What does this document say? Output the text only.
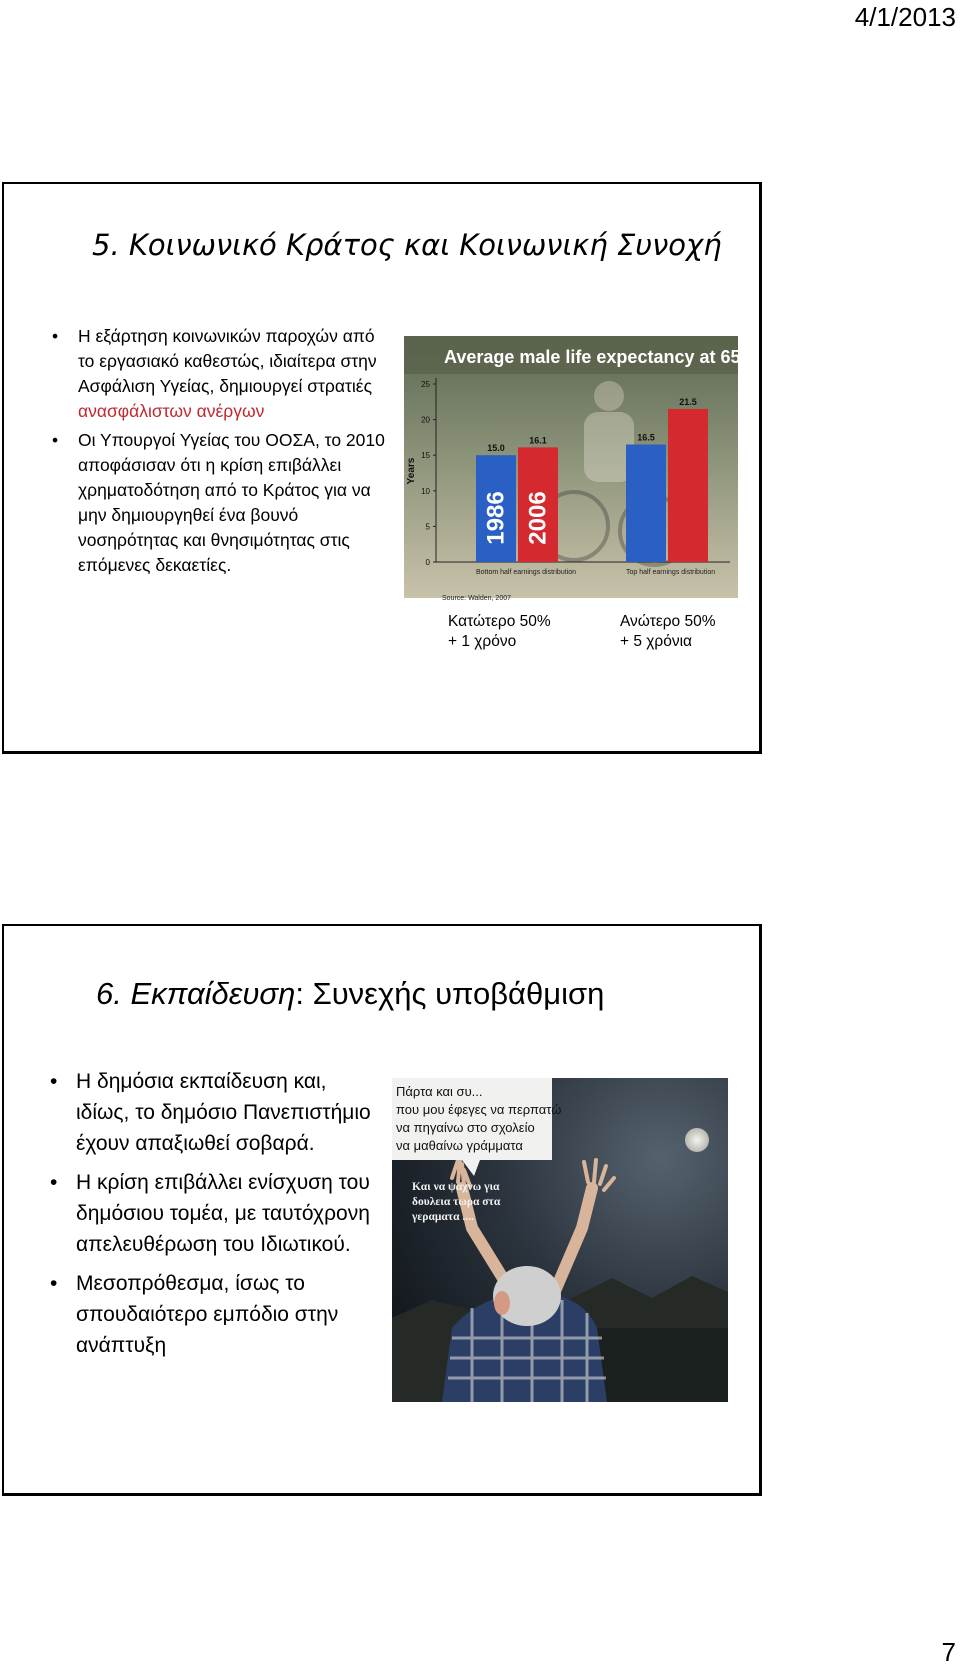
4/1/2013
5. Κοινωνικό Κράτος και Κοινωνική Συνοχή
• Η εξάρτηση κοινωνικών παροχών από το εργασιακό καθεστώς, ιδιαίτερα στην Ασφάλιση Υγείας, δημιουργεί στρατιές ανασφάλιστων ανέργων
• Οι Υπουργοί Υγείας του ΟΟΣΑ, το 2010 αποφάσισαν ότι η κρίση επιβάλλει χρηματοδότηση από το Κράτος για να μην δημιουργηθεί ένα βουνό νοσηρότητας και θνησιμότητας στις επόμενες δεκαετίες.
Average male life expectancy at 65
0
5
10
15
20
25
15.0
1986
16.1
2006
Bottom half earnings distribution
16.5
21.5
Top half earnings distribution
Years
Source: Walden, 2007
Κατώτερο 50%
+ 1 χρόνο
Ανώτερο 50%
+ 5 χρόνια
6. Εκπαίδευση: Συνεχής υποβάθμιση
• Η δημόσια εκπαίδευση και, ιδίως, το δημόσιο Πανεπιστήμιο έχουν απαξιωθεί σοβαρά.
• Η κρίση επιβάλλει ενίσχυση του δημόσιου τομέα, με ταυτόχρονη απελευθέρωση του Ιδιωτικού.
• Μεσοπρόθεσμα, ίσως το σπουδαιότερο εμπόδιο στην ανάπτυξη
Πάρτα και συ... που μου έφεγες να περπατώ να πηγαίνω στο σχολείο να μαθαίνω γράμματα
Και να ψαχνω για δουλεια τωρα στα γεραματα ....
7
